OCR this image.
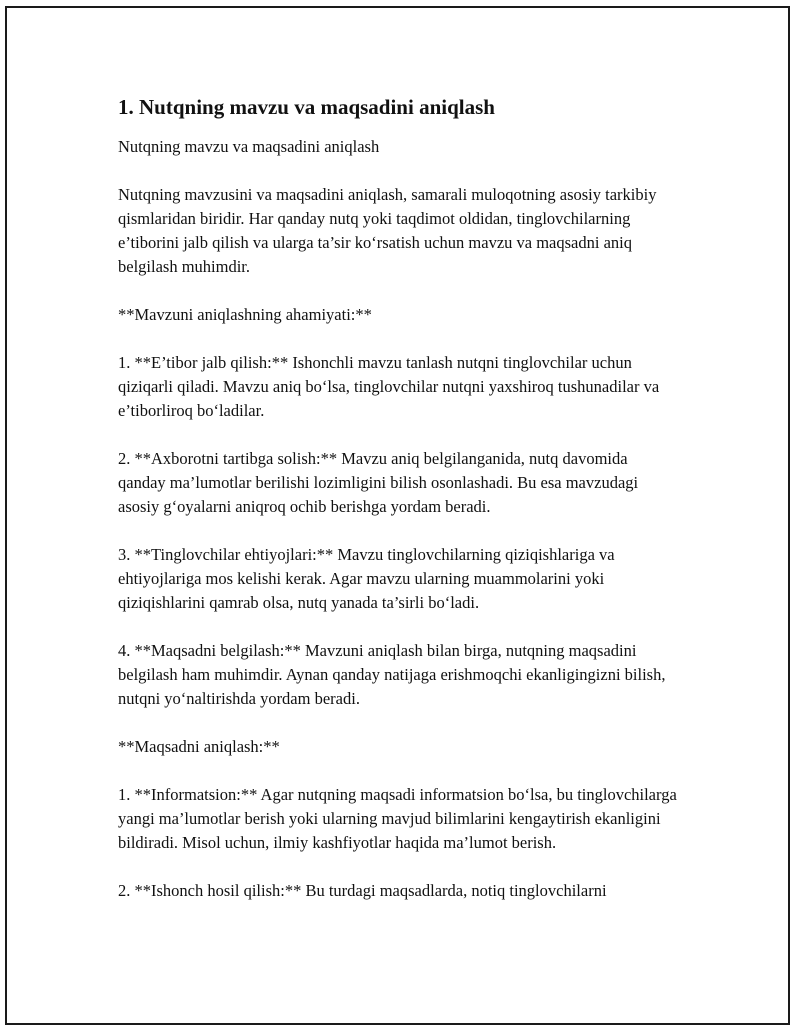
1. Nutqning mavzu va maqsadini aniqlash

Nutqning mavzu va maqsadini aniqlash

Nutqning mavzusini va maqsadini aniqlash, samarali muloqotning asosiy tarkibiy qismlaridan biridir. Har qanday nutq yoki taqdimot oldidan, tinglovchilarning e’tiborini jalb qilish va ularga ta’sir ko‘rsatish uchun mavzu va maqsadni aniq belgilash muhimdir.

**Mavzuni aniqlashning ahamiyati:**

1. **E’tibor jalb qilish:** Ishonchli mavzu tanlash nutqni tinglovchilar uchun qiziqarli qiladi. Mavzu aniq bo‘lsa, tinglovchilar nutqni yaxshiroq tushunadilar va e’tiborliroq bo‘ladilar.

2. **Axborotni tartibga solish:** Mavzu aniq belgilanganida, nutq davomida qanday ma’lumotlar berilishi lozimligini bilish osonlashadi. Bu esa mavzudagi asosiy g‘oyalarni aniqroq ochib berishga yordam beradi.

3. **Tinglovchilar ehtiyojlari:** Mavzu tinglovchilarning qiziqishlariga va ehtiyojlariga mos kelishi kerak. Agar mavzu ularning muammolarini yoki qiziqishlarini qamrab olsa, nutq yanada ta’sirli bo‘ladi.

4. **Maqsadni belgilash:** Mavzuni aniqlash bilan birga, nutqning maqsadini belgilash ham muhimdir. Aynan qanday natijaga erishmoqchi ekanligingizni bilish, nutqni yo‘naltirishda yordam beradi.

**Maqsadni aniqlash:**

1. **Informatsion:** Agar nutqning maqsadi informatsion bo‘lsa, bu tinglovchilarga yangi ma’lumotlar berish yoki ularning mavjud bilimlarini kengaytirish ekanligini bildiradi. Misol uchun, ilmiy kashfiyotlar haqida ma’lumot berish.

2. **Ishonch hosil qilish:** Bu turdagi maqsadlarda, notiq tinglovchilarni
